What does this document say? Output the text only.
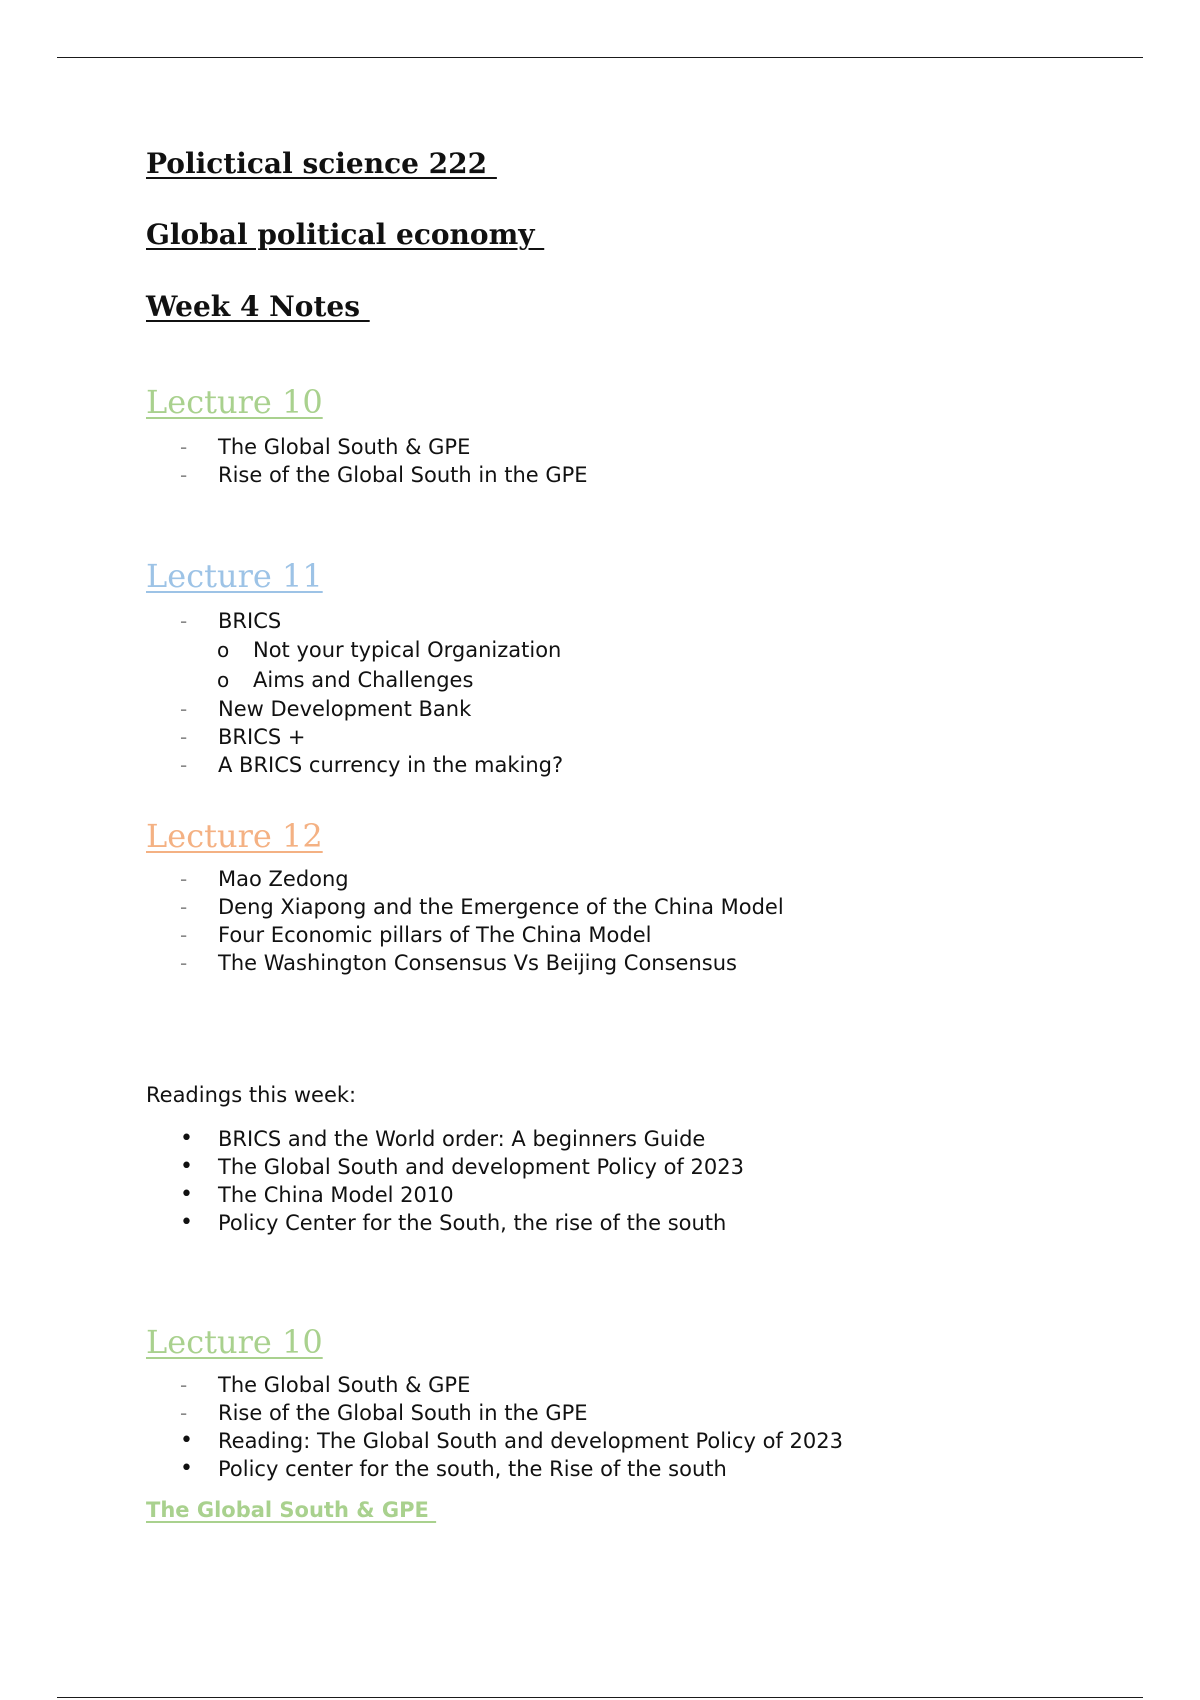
Polictical science 222
Global political economy
Week 4 Notes
Lecture 10

-

	The Global South & GPE

-

	Rise of the Global South in the GPE

Lecture 11

-

	BRICS

o

	Not your typical Organization

o

	Aims and Challenges

-

	New Development Bank

-

	BRICS +

-

	A BRICS currency in the making?

Lecture 12

-

	Mao Zedong

-

	Deng Xiapong and the Emergence of the China Model

-

	Four Economic pillars of The China Model

-

	The Washington Consensus Vs Beijing Consensus

Readings this week:

•

	BRICS and the World order: A beginners Guide

•

	The Global South and development Policy of 2023

•

	The China Model 2010

•

	Policy Center for the South, the rise of the south

Lecture 10

-

	The Global South & GPE

-

	Rise of the Global South in the GPE

•

	Reading: The Global South and development Policy of 2023

•

	Policy center for the south, the Rise of the south

The Global South & GPE
